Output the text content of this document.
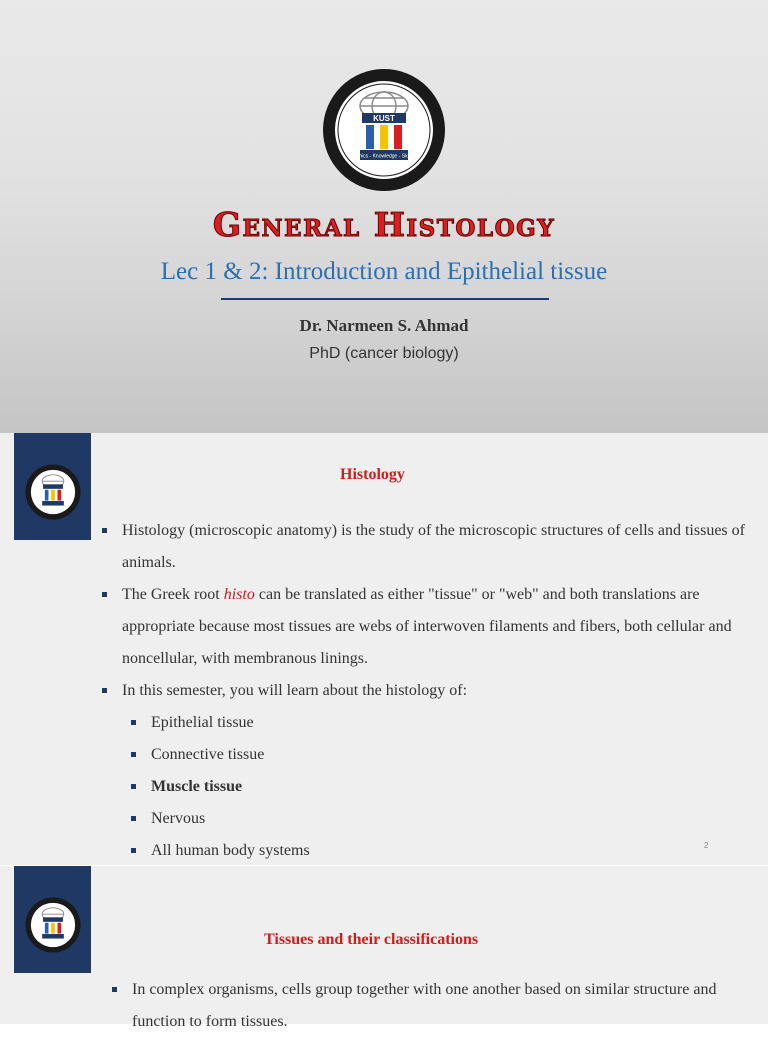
KUST
Ethics - Knowledge - Skills
General Histology
Lec 1 & 2: Introduction and Epithelial tissue
Dr. Narmeen S. Ahmad
PhD (cancer biology)
Histology
Histology (microscopic anatomy) is the study of the microscopic structures of cells and tissues of animals.
The Greek root histo can be translated as either "tissue" or "web" and both translations are appropriate because most tissues are webs of interwoven filaments and fibers, both cellular and noncellular, with membranous linings.
In this semester, you will learn about the histology of:
Epithelial tissue
Connective tissue
Muscle tissue
Nervous
All human body systems	2
Tissues and their classifications
In complex organisms, cells group together with one another based on similar structure and function to form tissues.
